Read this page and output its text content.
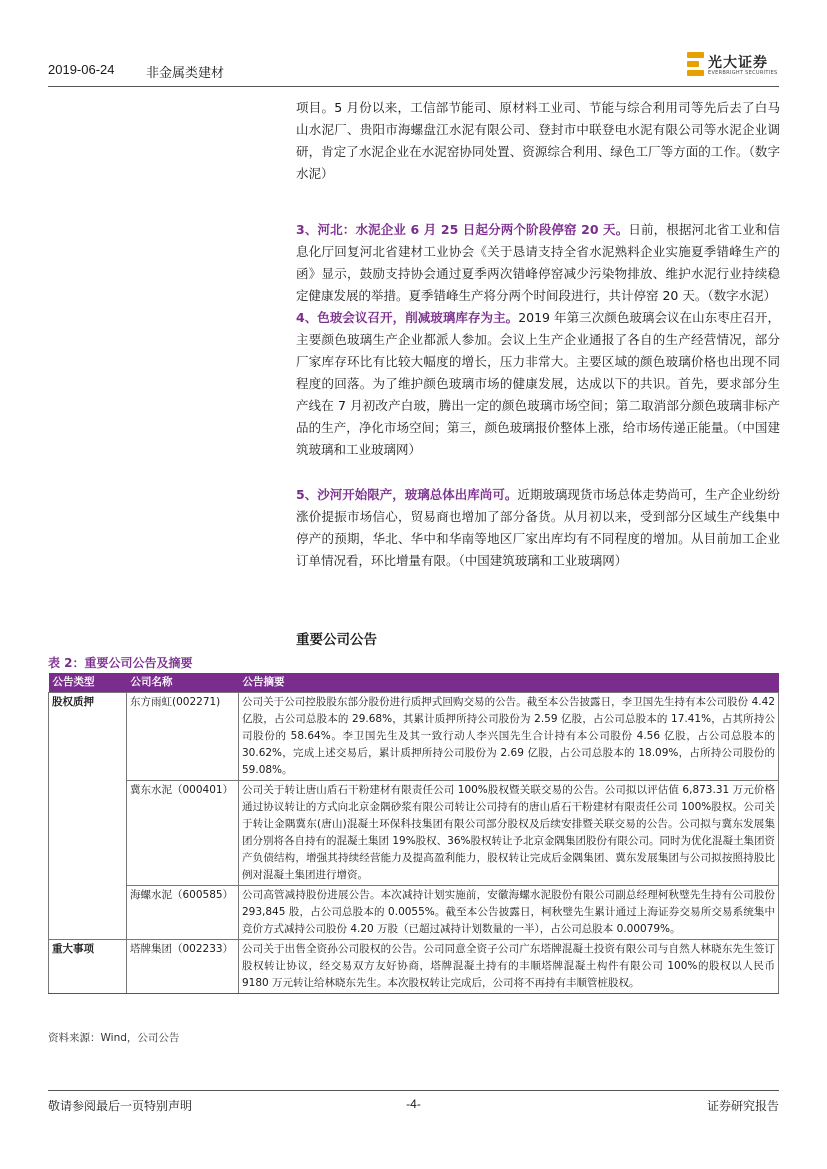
2019-06-24 非金属类建材
光大证券
EVERBRIGHT SECURITIES

项目。5 月份以来，工信部节能司、原材料工业司、节能与综合利用司等先后去了白马山水泥厂、贵阳市海螺盘江水泥有限公司、登封市中联登电水泥有限公司等水泥企业调研，肯定了水泥企业在水泥窑协同处置、资源综合利用、绿色工厂等方面的工作。（数字水泥）

3、河北：水泥企业 6 月 25 日起分两个阶段停窑 20 天。日前，根据河北省工业和信息化厅回复河北省建材工业协会《关于恳请支持全省水泥熟料企业实施夏季错峰生产的函》显示，鼓励支持协会通过夏季两次错峰停窑减少污染物排放、维护水泥行业持续稳定健康发展的举措。夏季错峰生产将分两个时间段进行，共计停窑 20 天。（数字水泥）

4、色玻会议召开，削减玻璃库存为主。2019 年第三次颜色玻璃会议在山东枣庄召开，主要颜色玻璃生产企业都派人参加。会议上生产企业通报了各自的生产经营情况，部分厂家库存环比有比较大幅度的增长，压力非常大。主要区域的颜色玻璃价格也出现不同程度的回落。为了维护颜色玻璃市场的健康发展，达成以下的共识。首先，要求部分生产线在 7 月初改产白玻，腾出一定的颜色玻璃市场空间；第二取消部分颜色玻璃非标产品的生产，净化市场空间；第三，颜色玻璃报价整体上涨，给市场传递正能量。（中国建筑玻璃和工业玻璃网）

5、沙河开始限产，玻璃总体出库尚可。近期玻璃现货市场总体走势尚可，生产企业纷纷涨价提振市场信心，贸易商也增加了部分备货。从月初以来，受到部分区域生产线集中停产的预期，华北、华中和华南等地区厂家出库均有不同程度的增加。从目前加工企业订单情况看，环比增量有限。（中国建筑玻璃和工业玻璃网）

重要公司公告
表 2：重要公司公告及摘要
公告类型	公司名称	公告摘要
股权质押	东方雨虹(002271)	公司关于公司控股股东部分股份进行质押式回购交易的公告。截至本公告披露日，李卫国先生持有本公司股份 4.42 亿股，占公司总股本的 29.68%，其累计质押所持公司股份为 2.59 亿股，占公司总股本的 17.41%，占其所持公司股份的 58.64%。李卫国先生及其一致行动人李兴国先生合计持有本公司股份 4.56 亿股，占公司总股本的 30.62%，完成上述交易后，累计质押所持公司股份为 2.69 亿股，占公司总股本的 18.09%，占所持公司股份的 59.08%。
	冀东水泥（000401）	公司关于转让唐山盾石干粉建材有限责任公司 100%股权暨关联交易的公告。公司拟以评估值 6,873.31 万元价格通过协议转让的方式向北京金隅砂浆有限公司转让公司持有的唐山盾石干粉建材有限责任公司 100%股权。公司关于转让金隅冀东(唐山)混凝土环保科技集团有限公司部分股权及后续安排暨关联交易的公告。公司拟与冀东发展集团分别将各自持有的混凝土集团 19%股权、36%股权转让予北京金隅集团股份有限公司。同时为优化混凝土集团资产负债结构，增强其持续经营能力及提高盈利能力，股权转让完成后金隅集团、冀东发展集团与公司拟按照持股比例对混凝土集团进行增资。
	海螺水泥（600585）	公司高管减持股份进展公告。本次减持计划实施前，安徽海螺水泥股份有限公司副总经理柯秋璧先生持有公司股份 293,845 股，占公司总股本的 0.0055%。截至本公告披露日，柯秋璧先生累计通过上海证券交易所交易系统集中竞价方式减持公司股份 4.20 万股（已超过减持计划数量的一半），占公司总股本 0.00079%。
重大事项	塔牌集团（002233）	公司关于出售全资孙公司股权的公告。公司同意全资子公司广东塔牌混凝土投资有限公司与自然人林晓东先生签订股权转让协议，经交易双方友好协商，塔牌混凝土持有的丰顺塔牌混凝土构件有限公司 100%的股权以人民币 9180 万元转让给林晓东先生。本次股权转让完成后，公司将不再持有丰顺管桩股权。
资料来源：Wind，公司公告
敬请参阅最后一页特别声明	-4-	证券研究报告
